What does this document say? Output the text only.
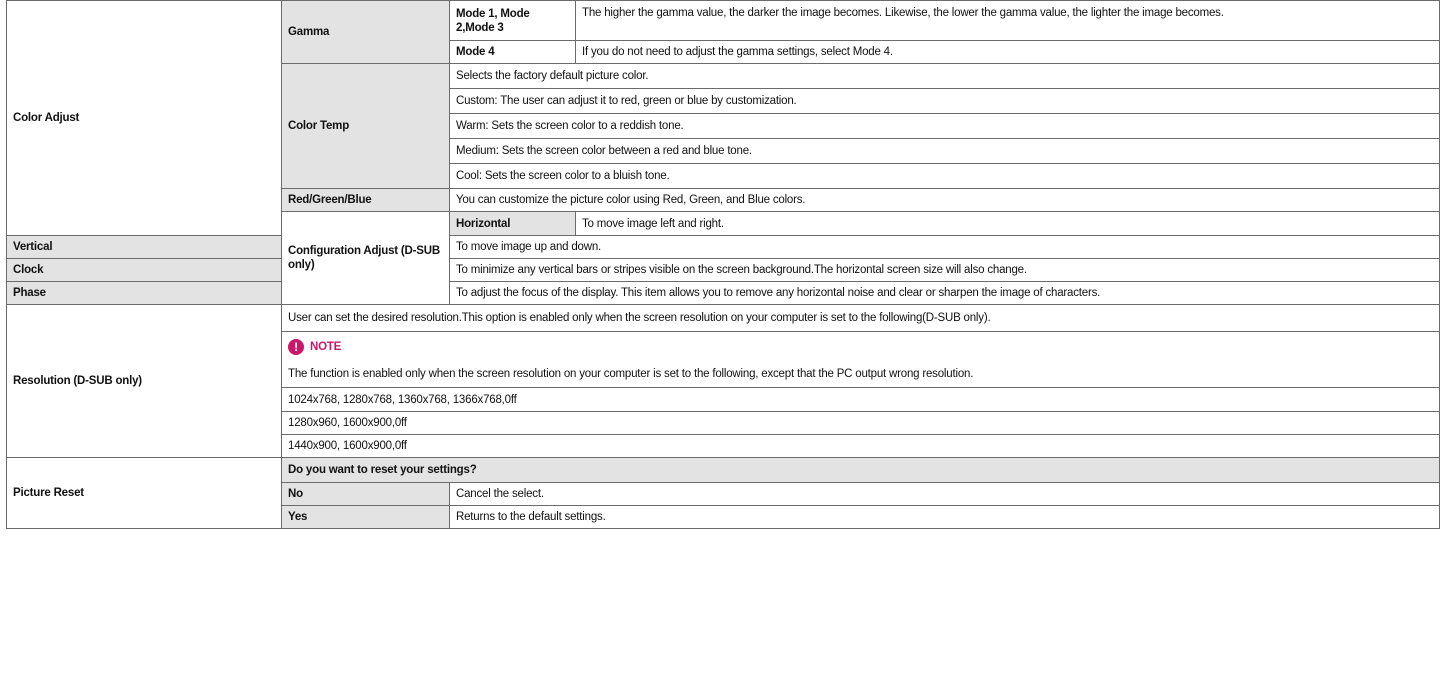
Color Adjust	Gamma	Mode 1, Mode 2,Mode 3	The higher the gamma value, the darker the image becomes. Likewise, the lower the gamma value, the lighter the image becomes.
		Mode 4	If you do not need to adjust the gamma settings, select Mode 4.
	Color Temp	Selects the factory default picture color.	
		Custom: The user can adjust it to red, green or blue by customization.	
		Warm: Sets the screen color to a reddish tone.	
		Medium: Sets the screen color between a red and blue tone.	
		Cool: Sets the screen color to a bluish tone.	
	Red/Green/Blue	You can customize the picture color using Red, Green, and Blue colors.	
	Configuration Adjust (D-SUB only)	Horizontal	To move image left and right.
Vertical		To move image up and down.	
Clock		To minimize any vertical bars or stripes visible on the screen background.The horizontal screen size will also change.	
Phase		To adjust the focus of the display. This item allows you to remove any horizontal noise and clear or sharpen the image of characters.	
Resolution (D-SUB only)	User can set the desired resolution.This option is enabled only when the screen resolution on your computer is set to the following(D-SUB only).		

! NOTE		

	The function is enabled only when the screen resolution on your computer is set to the following, except that the PC output wrong resolution.		
	1024x768, 1280x768, 1360x768, 1366x768,0ff		
	1280x960, 1600x900,0ff		
	1440x900, 1600x900,0ff		
Picture Reset	Do you want to reset your settings?		
	No	Cancel the select.	
	Yes	Returns to the default settings.	
